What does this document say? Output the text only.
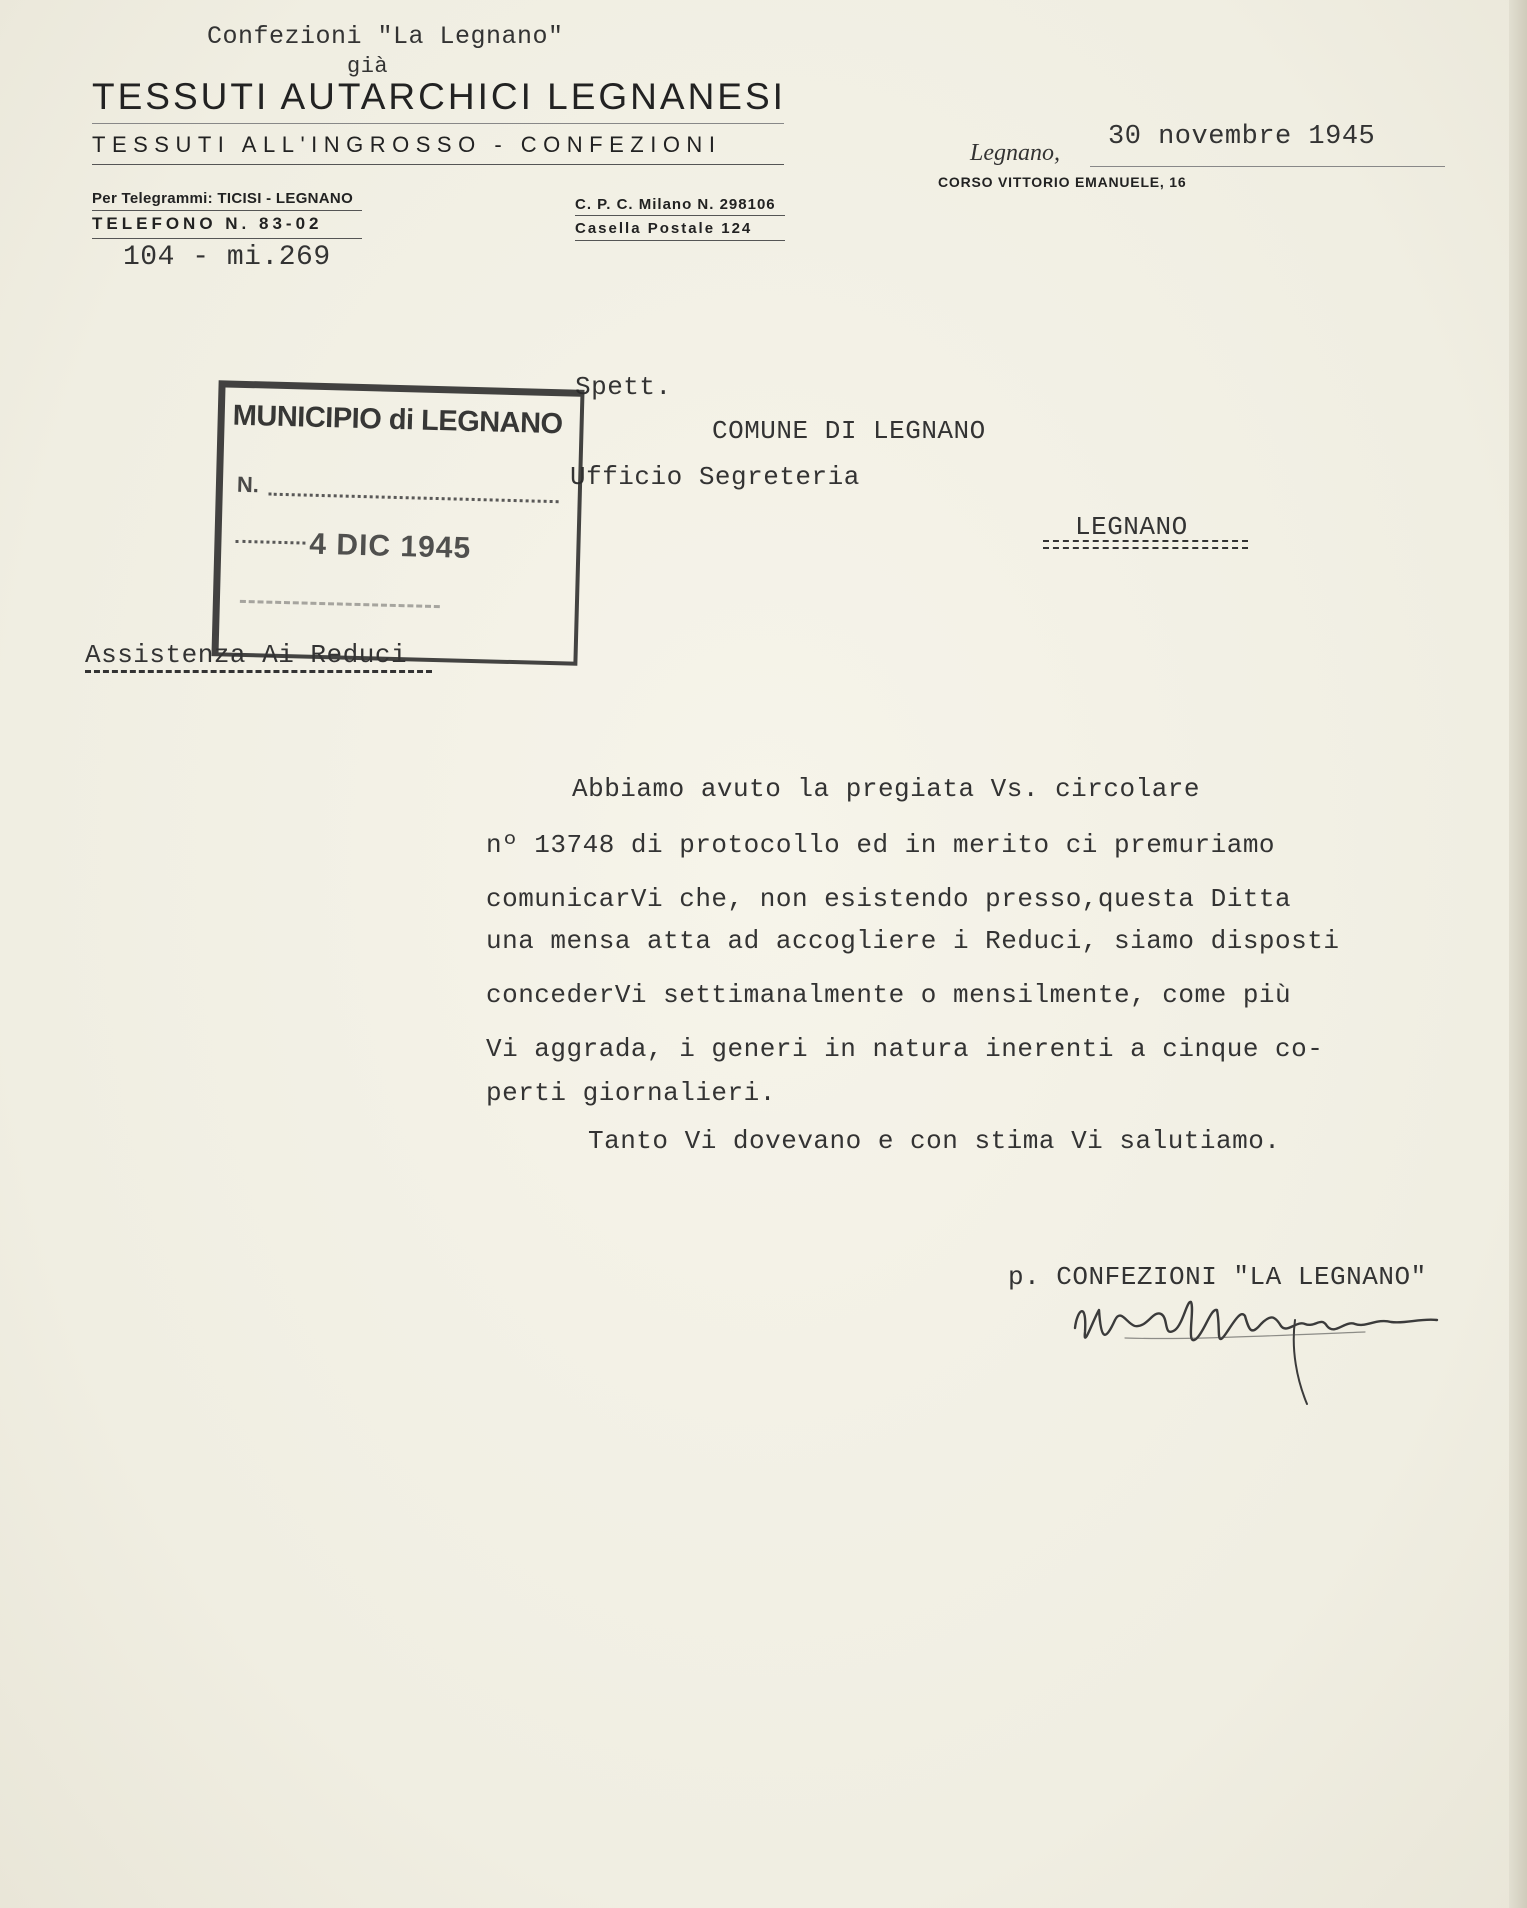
Confezioni "La Legnano"
già
TESSUTI AUTARCHICI LEGNANESI
TESSUTI ALL'INGROSSO - CONFEZIONI
Per Telegrammi: TICISI - LEGNANO
TELEFONO N. 83-02
C. P. C. Milano N. 298106
Casella Postale 124
104 - mi.269
30 novembre 1945
Legnano,
CORSO VITTORIO EMANUELE, 16
Spett.
COMUNE DI LEGNANO
Ufficio Segreteria
LEGNANO
MUNICIPIO di LEGNANO
N.
4 DIC 1945
Assistenza Ai Reduci
Abbiamo avuto la pregiata Vs. circolare
nº 13748 di protocollo ed in merito ci premuriamo
comunicarVi che, non esistendo presso,questa Ditta
una mensa atta ad accogliere i Reduci, siamo disposti
concederVi settimanalmente o mensilmente, come più
Vi aggrada, i generi in natura inerenti a cinque co-
perti giornalieri.
Tanto Vi dovevano e con stima Vi salutiamo.
p. CONFEZIONI "LA LEGNANO"
